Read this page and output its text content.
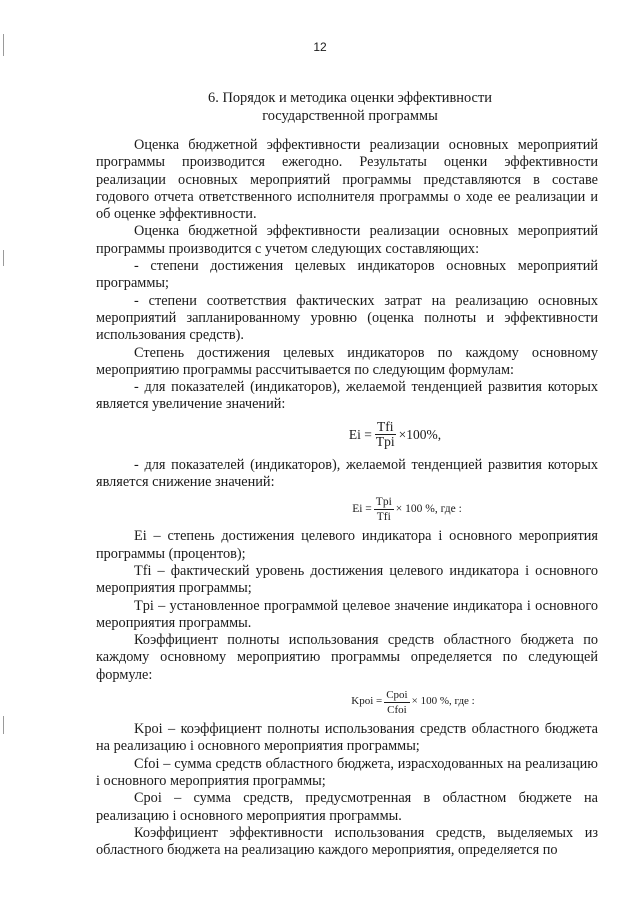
12
6. Порядок и методика оценки эффективности
государственной программы

Оценка бюджетной эффективности реализации основных мероприятий программы производится ежегодно. Результаты оценки эффективности реализации основных мероприятий программы представляются в составе годового отчета ответственного исполнителя программы о ходе ее реализации и об оценке эффективности.

Оценка бюджетной эффективности реализации основных мероприятий программы производится с учетом следующих составляющих:

- степени достижения целевых индикаторов основных мероприятий программы;

- степени соответствия фактических затрат на реализацию основных мероприятий запланированному уровню (оценка полноты и эффективности использования средств).

Степень достижения целевых индикаторов по каждому основному мероприятию программы рассчитывается по следующим формулам:

- для показателей (индикаторов), желаемой тенденцией развития которых является увеличение значений:

$Ei = \frac{\text{Tfi}}{\text{Tpi}} \times 100\%$,

- для показателей (индикаторов), желаемой тенденцией развития которых является снижение значений:

$Ei = \frac{\text{Tpi}}{\text{Tfi}} \times 100$ %, где :

Ei – степень достижения целевого индикатора i основного мероприятия программы (процентов);

Tfi – фактический уровень достижения целевого индикатора i основного мероприятия программы;

Tpi – установленное программой целевое значение индикатора i основного мероприятия программы.

Коэффициент полноты использования средств областного бюджета по каждому основному мероприятию программы определяется по следующей формуле:

Kpoi = $\frac{\text{Cpoi}}{\text{Cfoi}} \times 100$ %, где :

Kpoi – коэффициент полноты использования средств областного бюджета на реализацию i основного мероприятия программы;

Cfoi – сумма средств областного бюджета, израсходованных на реализацию i основного мероприятия программы;

Cpoi – сумма средств, предусмотренная в областном бюджете на реализацию i основного мероприятия программы.

Коэффициент эффективности использования средств, выделяемых из областного бюджета на реализацию каждого мероприятия, определяется по
